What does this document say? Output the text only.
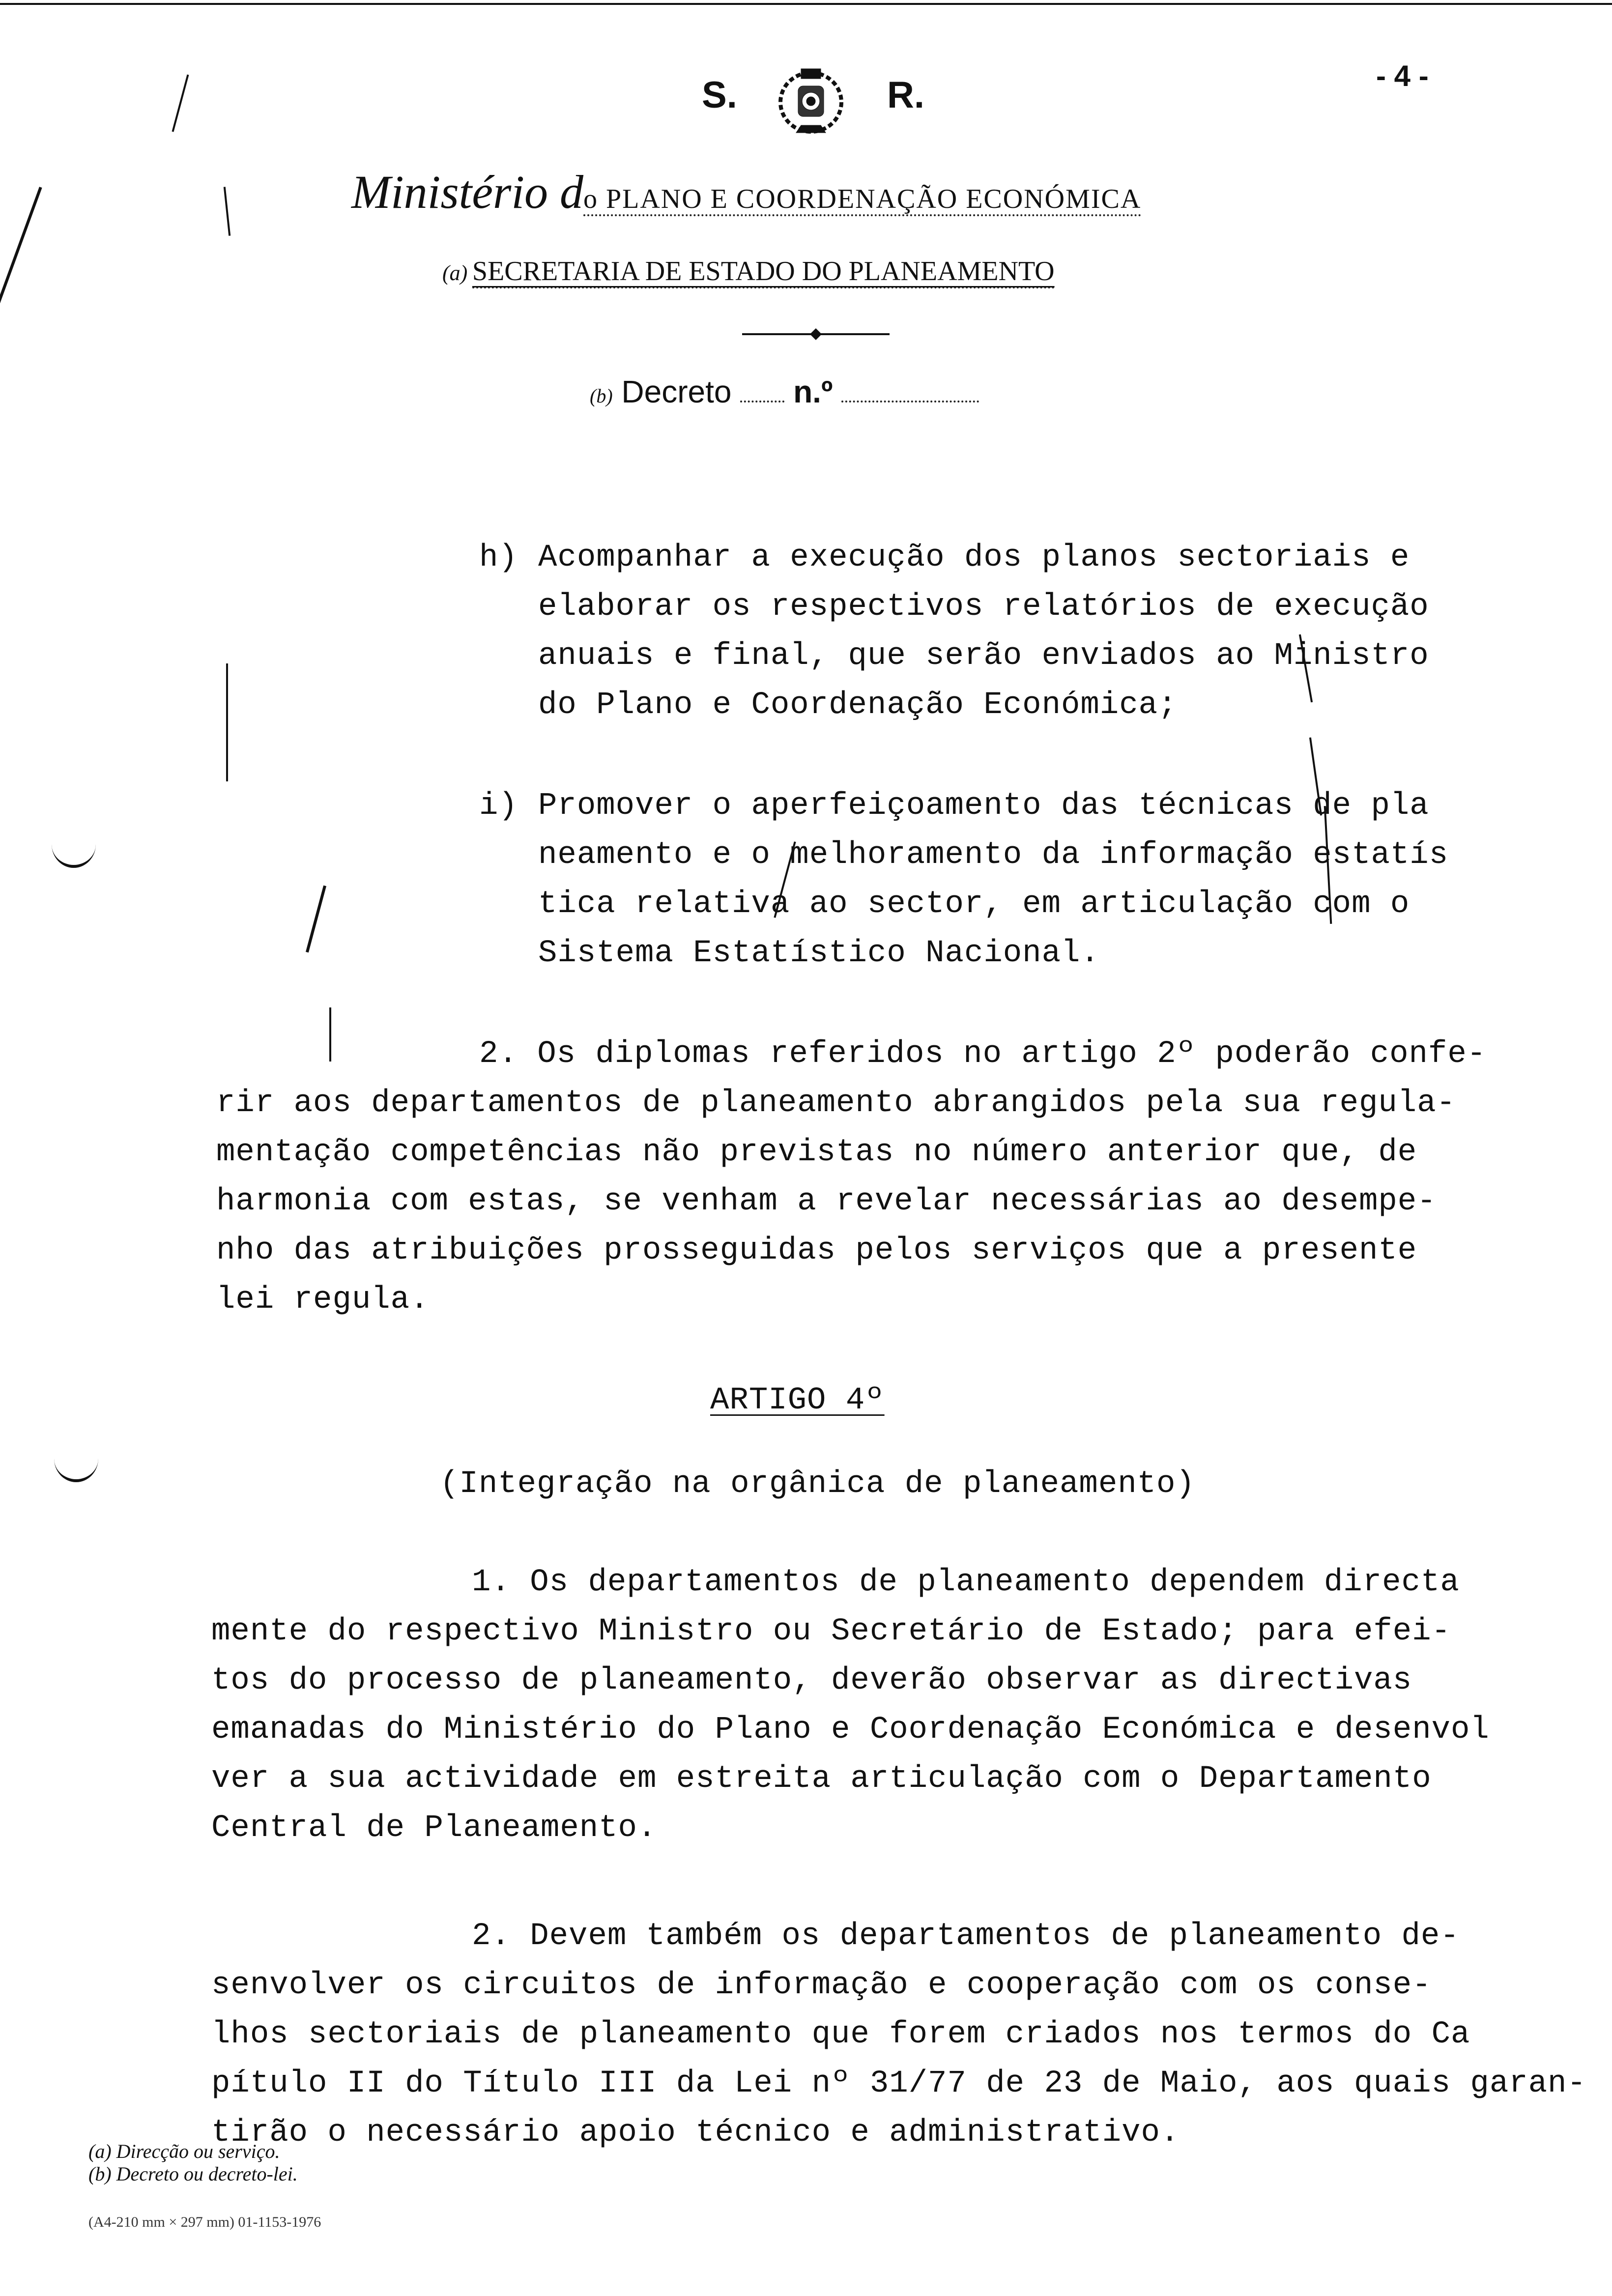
- 4 -
S.	R.
Ministério do PLANO E COORDENAÇÃO ECONÓMICA
(a) SECRETARIA DE ESTADO DO PLANEAMENTO
(b) Decreto n.º
h) Acompanhar a execução dos planos sectoriais e
elaborar os respectivos relatórios de execução
anuais e final, que serão enviados ao Ministro
do Plano e Coordenação Económica;
i) Promover o aperfeiçoamento das técnicas de pla
neamento e o melhoramento da informação estatís
tica relativa ao sector, em articulação com o
Sistema Estatístico Nacional.
2. Os diplomas referidos no artigo 2º poderão confe-
rir aos departamentos de planeamento abrangidos pela sua regula-
mentação competências não previstas no número anterior que, de
harmonia com estas, se venham a revelar necessárias ao desempe-
nho das atribuições prosseguidas pelos serviços que a presente
lei regula.
ARTIGO 4º
(Integração na orgânica de planeamento)
1. Os departamentos de planeamento dependem directa
mente do respectivo Ministro ou Secretário de Estado; para efei-
tos do processo de planeamento, deverão observar as directivas
emanadas do Ministério do Plano e Coordenação Económica e desenvol
ver a sua actividade em estreita articulação com o Departamento
Central de Planeamento.
2. Devem também os departamentos de planeamento de-
senvolver os circuitos de informação e cooperação com os conse-
lhos sectoriais de planeamento que forem criados nos termos do Ca
pítulo II do Título III da Lei nº 31/77 de 23 de Maio, aos quais garan-
tirão o necessário apoio técnico e administrativo.
(a) Direcção ou serviço.
(b) Decreto ou decreto-lei.
(A4-210 mm × 297 mm) 01-1153-1976
